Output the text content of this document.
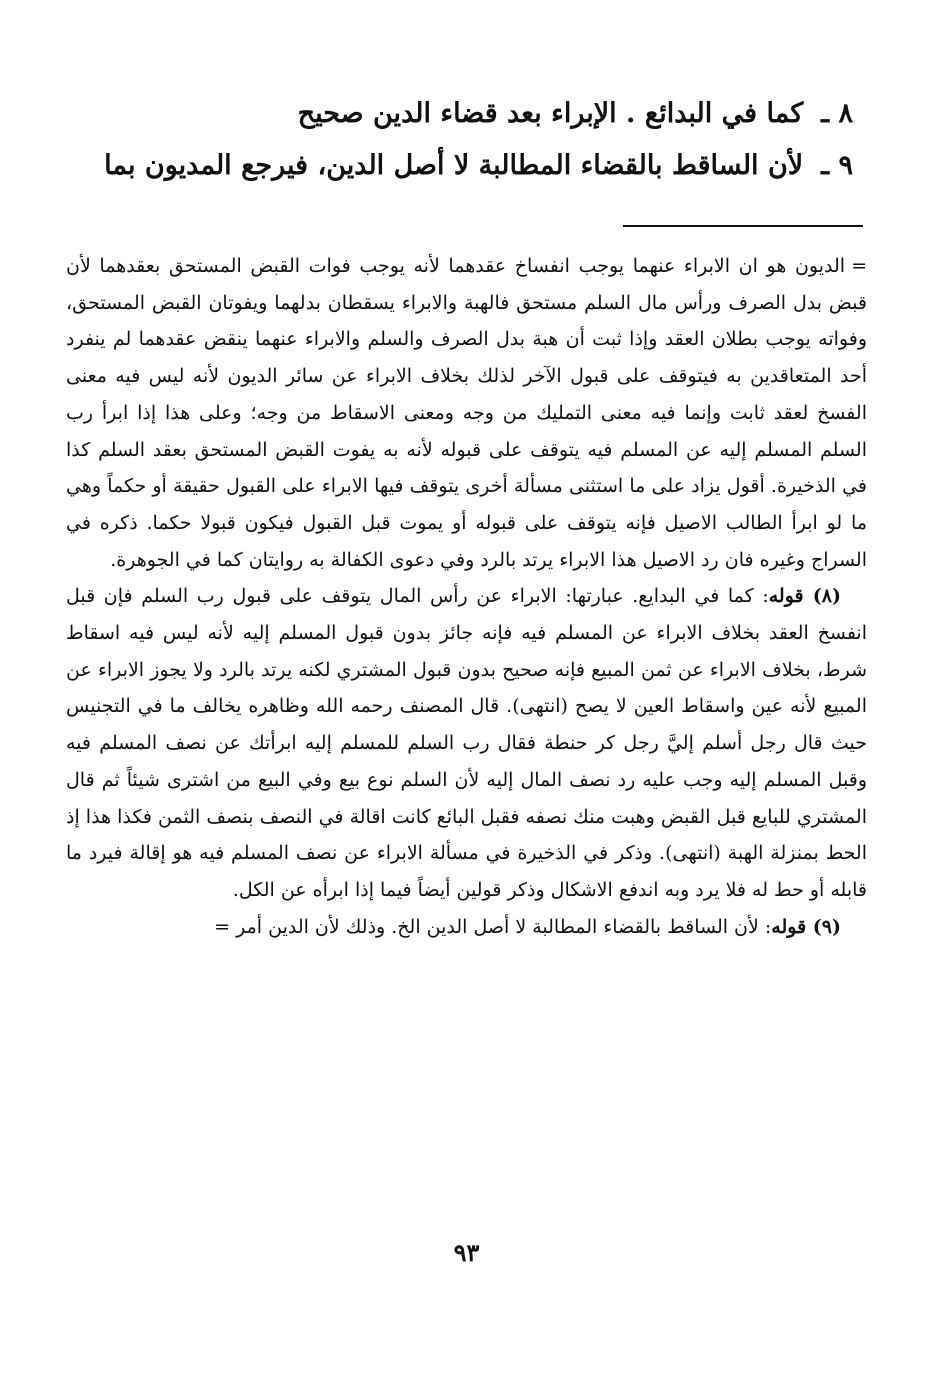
٨ ـكما في البدائع . الإبراء بعد قضاء الدين صحيح
٩ ـلأن الساقط بالقضاء المطالبة لا أصل الدين، فيرجع المديون بما

=الديون هو ان الابراء عنهما يوجب انفساخ عقدهما لأنه يوجب فوات القبض المستحق بعقدهما لأن قبض بدل الصرف ورأس مال السلم مستحق فالهبة والابراء يسقطان بدلهما ويفوتان القبض المستحق، وفواته يوجب بطلان العقد وإذا ثبت أن هبة بدل الصرف والسلم والابراء عنهما ينقض عقدهما لم ينفرد أحد المتعاقدين به فيتوقف على قبول الآخر لذلك بخلاف الابراء عن سائر الديون لأنه ليس فيه معنى الفسخ لعقد ثابت وإنما فيه معنى التمليك من وجه ومعنى الاسقاط من وجه؛ وعلى هذا إذا ابرأ رب السلم المسلم إليه عن المسلم فيه يتوقف على قبوله لأنه به يفوت القبض المستحق بعقد السلم كذا في الذخيرة. أقول يزاد على ما استثنى مسألة أخرى يتوقف فيها الابراء على القبول حقيقة أو حكماً وهي ما لو ابرأ الطالب الاصيل فإنه يتوقف على قبوله أو يموت قبل القبول فيكون قبولا حكما. ذكره في السراج وغيره فان رد الاصيل هذا الابراء يرتد بالرد وفي دعوى الكفالة به روايتان كما في الجوهرة.

(٨) قوله: كما في البدايع. عبارتها: الابراء عن رأس المال يتوقف على قبول رب السلم فإن قبل انفسخ العقد بخلاف الابراء عن المسلم فيه فإنه جائز بدون قبول المسلم إليه لأنه ليس فيه اسقاط شرط، بخلاف الابراء عن ثمن المبيع فإنه صحيح بدون قبول المشتري لكنه يرتد بالرد ولا يجوز الابراء عن المبيع لأنه عين واسقاط العين لا يصح (انتهى). قال المصنف رحمه الله وظاهره يخالف ما في التجنيس حيث قال رجل أسلم إليَّ رجل كر حنطة فقال رب السلم للمسلم إليه ابرأتك عن نصف المسلم فيه وقبل المسلم إليه وجب عليه رد نصف المال إليه لأن السلم نوع بيع وفي البيع من اشترى شيئاً ثم قال المشتري للبايع قبل القبض وهبت منك نصفه فقبل البائع كانت اقالة في النصف بنصف الثمن فكذا هذا إذ الحط بمنزلة الهبة (انتهى). وذكر في الذخيرة في مسألة الابراء عن نصف المسلم فيه هو إقالة فيرد ما قابله أو حط له فلا يرد وبه اندفع الاشكال وذكر قولين أيضاً فيما إذا ابرأه عن الكل.

(٩) قوله: لأن الساقط بالقضاء المطالبة لا أصل الدين الخ. وذلك لأن الدين أمر =

٩٣
